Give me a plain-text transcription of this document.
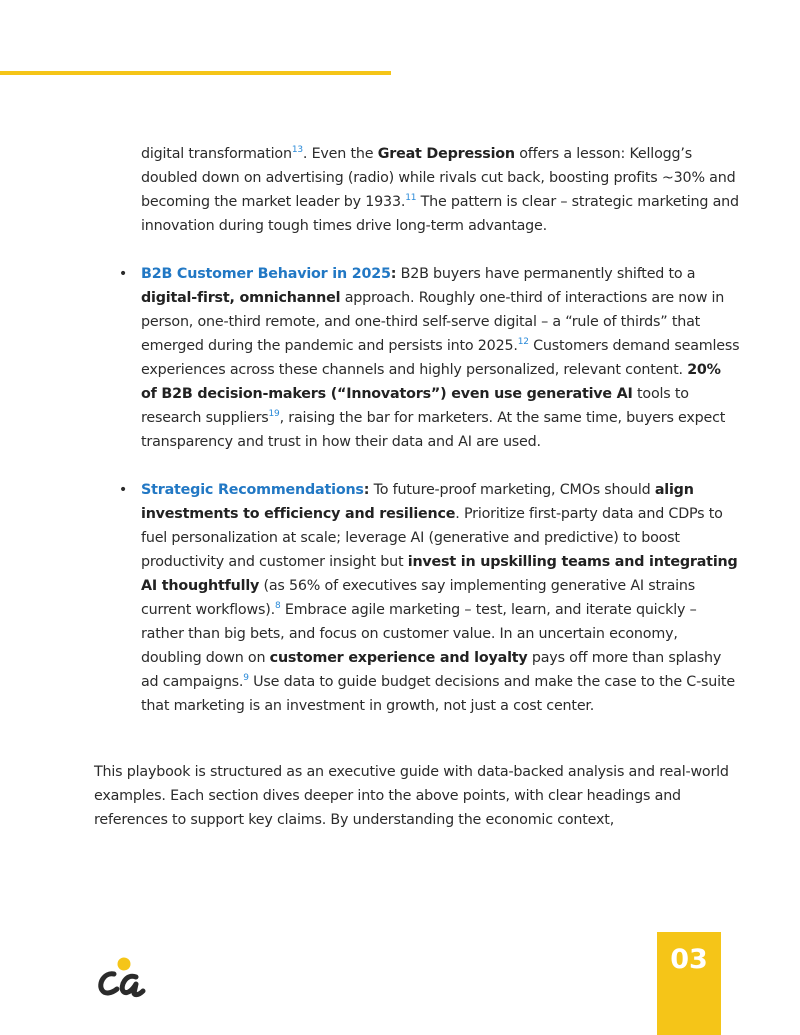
digital transformation$^{13}$. Even the Great Depression offers a lesson: Kellogg’s doubled down on advertising (radio) while rivals cut back, boosting profits ~30% and becoming the market leader by 1933.11 The pattern is clear – strategic marketing and innovation during tough times drive long-term advantage.
• B2B Customer Behavior in 2025: B2B buyers have permanently shifted to a digital-first, omnichannel approach. Roughly one-third of interactions are now in person, one-third remote, and one-third self-serve digital – a “rule of thirds” that emerged during the pandemic and persists into 2025.12 Customers demand seamless experiences across these channels and highly personalized, relevant content. 20% of B2B decision-makers (“Innovators”) even use generative AI tools to research suppliers$^{19}$, raising the bar for marketers. At the same time, buyers expect transparency and trust in how their data and AI are used.
• Strategic Recommendations: To future-proof marketing, CMOs should align investments to efficiency and resilience. Prioritize first-party data and CDPs to fuel personalization at scale; leverage AI (generative and predictive) to boost productivity and customer insight but invest in upskilling teams and integrating AI thoughtfully (as 56% of executives say implementing generative AI strains current workflows).$^8$ Embrace agile marketing – test, learn, and iterate quickly – rather than big bets, and focus on customer value. In an uncertain economy, doubling down on customer experience and loyalty pays off more than splashy ad campaigns.$^9$ Use data to guide budget decisions and make the case to the C-suite that marketing is an investment in growth, not just a cost center.
This playbook is structured as an executive guide with data-backed analysis and real-world examples. Each section dives deeper into the above points, with clear headings and references to support key claims. By understanding the economic context,
03
